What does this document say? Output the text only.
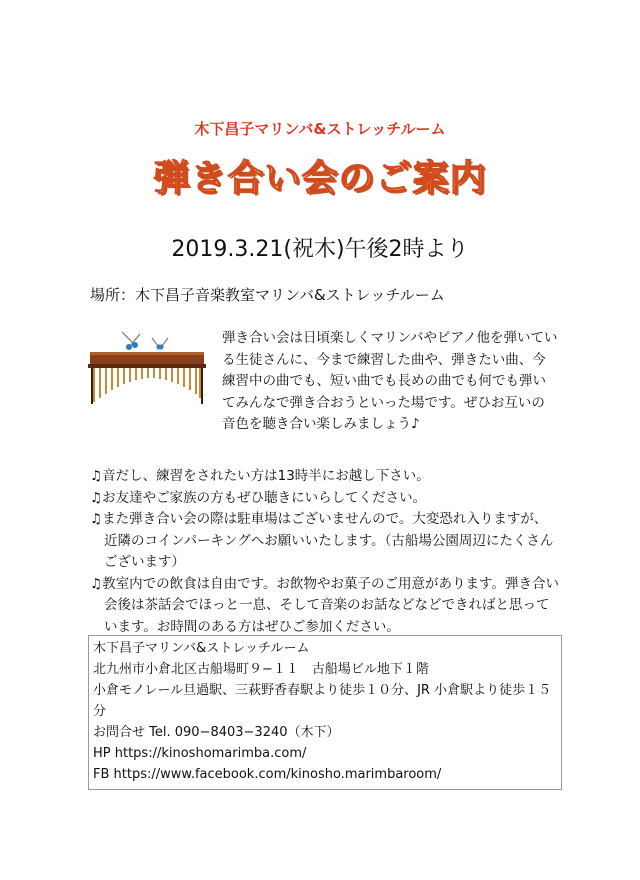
木下昌子マリンバ&ストレッチルーム
弾き合い会のご案内
2019.3.21(祝木)午後2時より
場所：木下昌子音楽教室マリンバ&ストレッチルーム
弾き合い会は日頃楽しくマリンバやピアノ他を弾いている生徒さんに、今まで練習した曲や、弾きたい曲、今練習中の曲でも、短い曲でも長めの曲でも何でも弾いてみんなで弾き合おうといった場です。ぜひお互いの音色を聴き合い楽しみましょう♪
♫音だし、練習をされたい方は13時半にお越し下さい。
♫お友達やご家族の方もぜひ聴きにいらしてください。
♫また弾き合い会の際は駐車場はございませんので。大変恐れ入りますが、近隣のコインパーキングへお願いいたします。（古船場公園周辺にたくさんございます）
♫教室内での飲食は自由です。お飲物やお菓子のご用意があります。弾き合い会後は茶話会でほっと一息、そして音楽のお話などなどできればと思っています。お時間のある方はぜひご参加ください。
木下昌子マリンバ&ストレッチルーム
北九州市小倉北区古船場町９−１１　古船場ビル地下１階
小倉モノレール旦過駅、三萩野香春駅より徒歩１０分、JR 小倉駅より徒歩１５分
お問合せ Tel. 090−8403−3240（木下）
HP https://kinoshomarimba.com/
FB https://www.facebook.com/kinosho.marimbaroom/
